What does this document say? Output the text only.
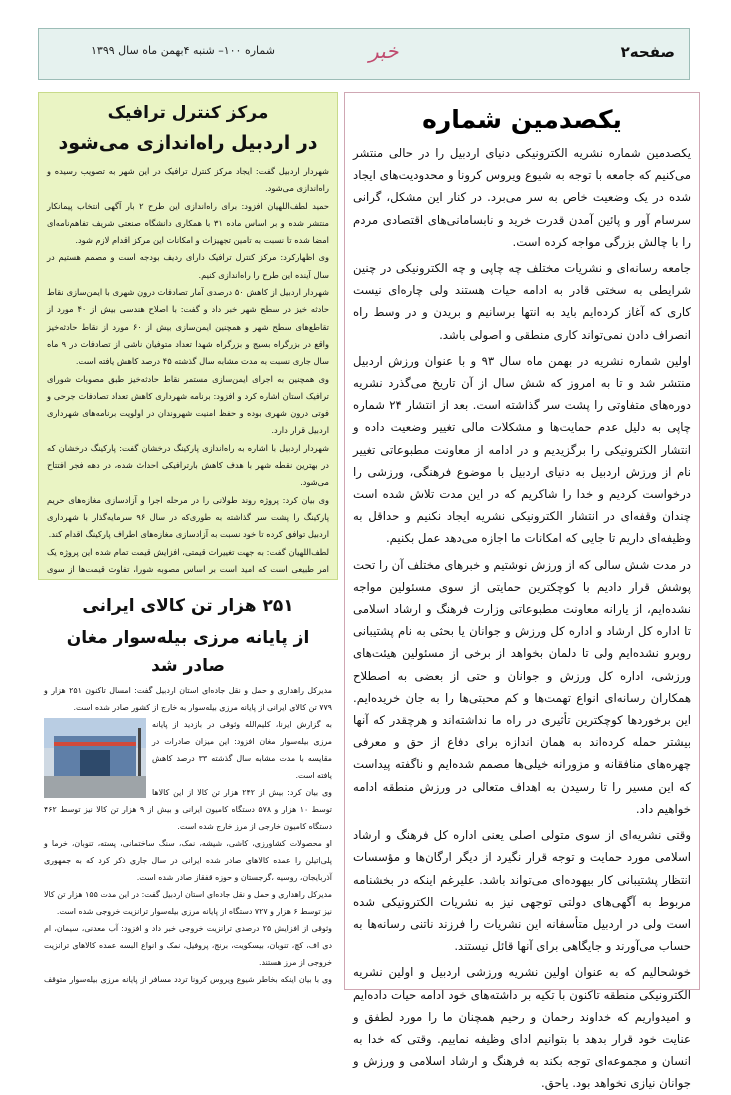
صفحه۲
خبر
شماره ۱۰۰– شنبه ۴بهمن ماه سال ۱۳۹۹
یکصدمین شماره

یکصدمین شماره نشریه الکترونیکی دنیای اردبیل را در حالی منتشر می‌کنیم که جامعه با توجه به شیوع ویروس کرونا و محدودیت‌های ایجاد شده در یک وضعیت خاص به سر می‌برد. در کنار این مشکل، گرانی سرسام آور و پائین آمدن قدرت خرید و نابسامانی‌های اقتصادی مردم را با چالش بزرگی مواجه کرده است.

جامعه رسانه‌ای و نشریات مختلف چه چاپی و چه الکترونیکی در چنین شرایطی به سختی قادر به ادامه حیات هستند ولی چاره‌ای نیست کاری که آغاز کرده‌ایم باید به انتها برسانیم و بریدن و در وسط راه انصراف دادن نمی‌تواند کاری منطقی و اصولی باشد.

اولین شماره نشریه در بهمن ماه سال ۹۳ و با عنوان ورزش اردبیل منتشر شد و تا به امروز که شش سال از آن تاریخ می‌گذرد نشریه دوره‌های متفاوتی را پشت سر گذاشته است. بعد از انتشار ۲۴ شماره چاپی به دلیل عدم حمایت‌ها و مشکلات مالی تغییر وضعیت داده و انتشار الکترونیکی را برگزیدیم و در ادامه از معاونت مطبوعاتی تغییر نام از ورزش اردبیل به دنیای اردبیل با موضوع فرهنگی، ورزشی را درخواست کردیم و خدا را شاکریم که در این مدت تلاش شده است چندان وقفه‌ای در انتشار الکترونیکی نشریه ایجاد نکنیم و حداقل به وظیفه‌ای داریم تا جایی که امکانات ما اجازه می‌دهد عمل بکنیم.

در مدت شش سالی که از ورزش نوشتیم و خبرهای مختلف آن را تحت پوشش قرار دادیم با کوچکترین حمایتی از سوی مسئولین مواجه نشده‌ایم، از یارانه معاونت مطبوعاتی وزارت فرهنگ و ارشاد اسلامی تا اداره کل ارشاد و اداره کل ورزش و جوانان یا بحثی به نام پشتیبانی روبرو نشده‌ایم ولی تا دلمان بخواهد از برخی از مسئولین هیئت‌های ورزشی، اداره کل ورزش و جوانان و حتی از بعضی به اصطلاح همکاران رسانه‌ای انواع تهمت‌ها و کم محبتی‌ها را به جان خریده‌ایم. این برخوردها کوچکترین تأثیری در راه ما نداشته‌اند و هرچقدر که آنها بیشتر حمله کرده‌اند به همان اندازه برای دفاع از حق و معرفی چهره‌های منافقانه و مزورانه خیلی‌ها مصمم شده‌ایم و ناگفته پیداست که این مسیر را تا رسیدن به اهداف متعالی در ورزش منطقه ادامه خواهیم داد.

وقتی نشریه‌ای از سوی متولی اصلی یعنی اداره کل فرهنگ و ارشاد اسلامی مورد حمایت و توجه قرار نگیرد از دیگر ارگان‌ها و مؤسسات انتظار پشتیبانی کار بیهوده‌ای می‌تواند باشد. علیرغم اینکه در بخشنامه مربوط به آگهی‌های دولتی توجهی نیز به نشریات الکترونیکی شده است ولی در اردبیل متأسفانه این نشریات را فرزند ناتنی رسانه‌ها به حساب می‌آورند و جایگاهی برای آنها قائل نیستند.

خوشحالیم که به عنوان اولین نشریه ورزشی اردبیل و اولین نشریه الکترونیکی منطقه تاکنون با تکیه بر داشته‌های خود ادامه حیات داده‌ایم و امیدواریم که خداوند رحمان و رحیم همچنان ما را مورد لطفق و عنایت خود قرار بدهد با بتوانیم ادای وظیفه نماییم. وقتی که خدا به انسان و مجموعه‌ای توجه بکند به فرهنگ و ارشاد اسلامی و ورزش و جوانان نیازی نخواهد بود. یاحق.

مرکز کنترل ترافیک
در اردبیل راه‌اندازی می‌شود

شهردار اردبیل گفت: ایجاد مرکز کنترل ترافیک در این شهر به تصویب رسیده و راه‌اندازی می‌شود.

حمید لطف‌اللهیان افزود: برای راه‌اندازی این طرح ۲ بار آگهی انتخاب پیمانکار منتشر شده و بر اساس ماده ۳۱ با همکاری دانشگاه صنعتی شریف تفاهم‌نامه‌ای امضا شده تا نسبت به تامین تجهیزات و امکانات این مرکز اقدام لازم شود.

وی اظهارکرد: مرکز کنترل ترافیک دارای ردیف بودجه است و مصمم هستیم در سال آینده این طرح را راه‌اندازی کنیم.

شهردار اردبیل از کاهش ۵۰ درصدی آمار تصادفات درون شهری با ایمن‌سازی نقاط حادثه خیز در سطح شهر خبر داد و گفت: با اصلاح هندسی بیش از ۴۰ مورد از تقاطع‌های سطح شهر و همچنین ایمن‌سازی بیش از ۶۰ مورد از نقاط حادثه‌خیز واقع در بزرگراه بسیج و بزرگراه شهدا تعداد متوفیان ناشی از تصادفات در ۹ ماه سال جاری نسبت به مدت مشابه سال گذشته ۴۵ درصد کاهش یافته است.

وی همچنین به اجرای ایمن‌سازی مستمر نقاط حادثه‌خیز طبق مصوبات شورای ترافیک استان اشاره کرد و افزود: برنامه شهرداری کاهش تعداد تصادفات جرحی و فوتی درون شهری بوده و حفظ امنیت شهروندان در اولویت برنامه‌های شهرداری اردبیل قرار دارد.

شهردار اردبیل با اشاره به راه‌اندازی پارکینگ درخشان گفت: پارکینگ درخشان که در بهترین نقطه شهر با هدف کاهش بارترافیکی احداث شده، در دهه فجر افتتاح می‌شود.

وی بیان کرد: پروژه روند طولانی را در مرحله اجرا و آزادسازی مغازه‌های حریم پارکینگ را پشت سر گذاشته به طوری‌که در سال ۹۶ سرمایه‌گذار با شهرداری اردبیل توافق کرده تا خود نسبت به آزادسازی مغازه‌های اطراف پارکینگ اقدام کند.

لطف‌اللهیان گفت: به جهت تغییرات قیمتی، افزایش قیمت تمام شده این پروژه یک امر طبیعی است که امید است بر اساس مصوبه شورا، تفاوت قیمت‌ها از سوی

۲۵۱ هزار تن کالای ایرانی
از پایانه مرزی بیله‌سوار مغان صادر شد

مدیرکل راهداری و حمل و نقل جاده‌ای استان اردبیل گفت: امسال تاکنون ۲۵۱ هزار و ۷۷۹ تن کالای ایرانی از پایانه مرزی بیله‌سوار به خارج از کشور صادر شده است.

به گزارش ایرنا، کلیم‌الله وثوقی در بازدید از پایانه مرزی بیله‌سوار مغان افزود: این میزان صادرات در مقایسه با مدت مشابه سال گذشته ۳۳ درصد کاهش یافته است.

وی بیان کرد: بیش از ۲۴۲ هزار تن کالا از این کالاها توسط ۱۰ هزار و ۵۷۸ دستگاه کامیون ایرانی و بیش از ۹ هزار تن کالا نیز توسط ۴۶۲ دستگاه کامیون خارجی از مرز خارج شده است.

او محصولات کشاورزی، کاشی، شیشه، نمک، سنگ ساختمانی، پسته، تنوبان، خرما و پلی‌اتیلن را عمده کالاهای صادر شده ایرانی در سال جاری ذکر کرد که به جمهوری آذربایجان، روسیه ،گرجستان و حوزه قفقاز صادر شده است.

مدیرکل راهداری و حمل و نقل جاده‌ای استان اردبیل گفت: در این مدت ۱۵۵ هزار تن کالا نیز توسط ۶ هزار و ۷۲۷ دستگاه از پایانه مرزی بیله‌سوار ترانزیت خروجی شده است.

وثوقی از افزایش ۲۵ درصدی ترانزیت خروجی خبر داد و افزود: آب معدنی، سیمان، ام دی اف، کچ، تنوبان، بیسکویت، برنج، پروفیل، نمک و انواع البسه عمده کالاهای ترانزیت خروجی از مرز هستند.

وی با بیان اینکه بخاطر شیوع ویروس کرونا تردد مسافر از پایانه مرزی بیله‌سوار متوقف
